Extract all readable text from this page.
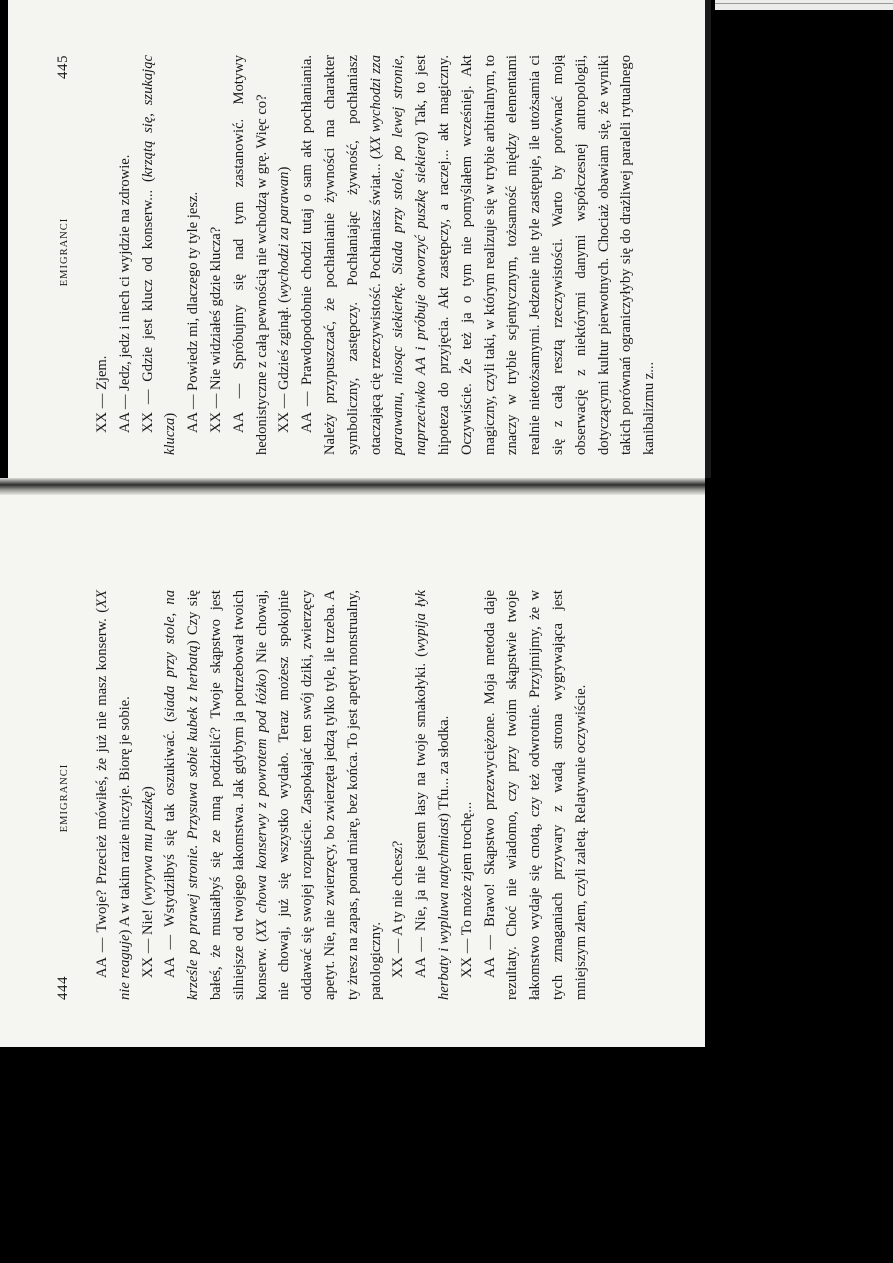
444
EMIGRANCI AA — Twoje? Przecież mówiłeś, że już nie masz konserw. (XX nie reaguje) A w takim razie niczyje. Biorę je sobie.

XX — Nie! (wyrywa mu puszkę) AA — Wstydziłbyś się tak oszukiwać. (siada przy stole, na krześle po prawej stronie. Przysuwa sobie kubek z herbatą) Czy się bałeś, że musiałbyś się ze mną podzielić? Twoje skąpstwo jest silniejsze od twojego łakomstwa. Jak gdybym ja potrzebował twoich konserw. (XX chowa konserwy z powrotem pod łóżko) Nie chowaj, nie chowaj, już się wszystko wydało. Teraz możesz spokojnie oddawać się swojej rozpuście. Zaspokajać ten swój dziki, zwierzęcy apetyt. Nie, nie zwierzęcy, bo zwierzęta jedzą tylko tyle, ile trzeba. A ty żresz na zapas, ponad miarę, bez końca. To jest apetyt monstrualny, patologiczny. XX — A ty nie chcesz? AA — Nie, ja nie jestem łasy na twoje smakołyki. (wypija łyk herbaty i wypluwa natychmiast) Tfu... za słodka.

XX — To może zjem trochę... AA — Brawo! Skąpstwo przezwyciężone. Moja metoda daje rezultaty. Choć nie wiadomo, czy przy twoim skąpstwie twoje łakomstwo wydaje się cnotą, czy też odwrotnie. Przyjmijmy, że w tych zmaganiach przywary z wadą strona wygrywająca jest mniejszym złem, czyli zaletą. Relatywnie oczywiście.

EMIGRANCI
445

XX — Zjem. AA — Jedz, jedz i niech ci wyjdzie na zdrowie. XX — Gdzie jest klucz od konserw... (krzątą się, szukając klucza) AA — Powiedz mi, dlaczego ty tyle jesz. XX — Nie widziałeś gdzie klucza? AA — Spróbujmy się nad tym zastanowić. Motywy hedonistyczne z całą pewnością nie wchodzą w grę. Więc co? XX — Gdzieś zginął. (wychodzi za parawan) AA — Prawdopodobnie chodzi tutaj o sam akt pochłaniania. Należy przypuszczać, że pochłanianie żywności ma charakter symboliczny, zastępczy. Pochłaniając żywność, pochłaniasz otaczającą cię rzeczywistość. Pochłaniasz świat... (XX wychodzi zza parawanu, niosąc siekierkę. Siada przy stole, po lewej stronie, naprzeciwko AA i próbuje otworzyć puszkę siekierą) Tak, to jest hipoteza do przyjęcia. Akt zastępczy, a raczej... akt magiczny. Oczywiście. Że też ja o tym nie pomyślałem wcześniej. Akt magiczny, czyli taki, w którym realizuje się w trybie arbitralnym, to znaczy w trybie scjentycznym, tożsamość między elementami realnie nietożsamymi. Jedzenie nie tyle zastępuje, ile utożsamia ci się z całą resztą rzeczywistości. Warto by porównać moją obserwację z niektórymi danymi współczesnej antropologii, dotyczącymi kultur pierwotnych. Chociaż obawiam się, że wyniki takich porównań ograniczyłyby się do drażliwej paraleli rytualnego kanibalizmu z...
